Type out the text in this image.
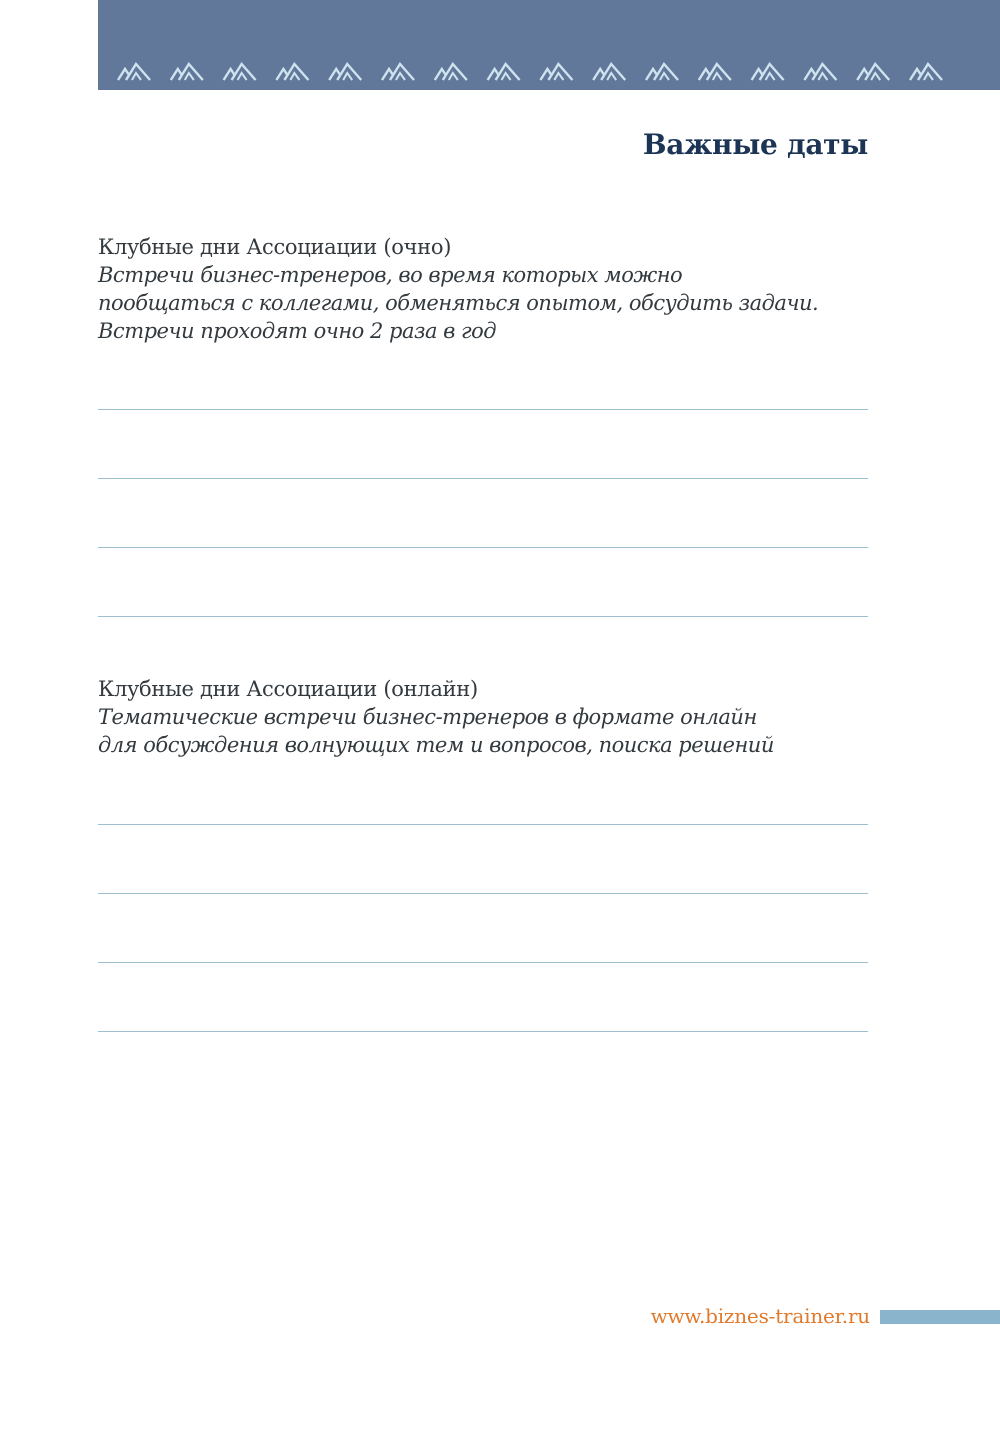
Важные даты
Клубные дни Ассоциации (очно)
Встречи бизнес-тренеров, во время которых можно
пообщаться с коллегами, обменяться опытом, обсудить задачи.
Встречи проходят очно 2 раза в год
Клубные дни Ассоциации (онлайн)
Тематические встречи бизнес-тренеров в формате онлайн
для обсуждения волнующих тем и вопросов, поиска решений
www.biznes-trainer.ru
